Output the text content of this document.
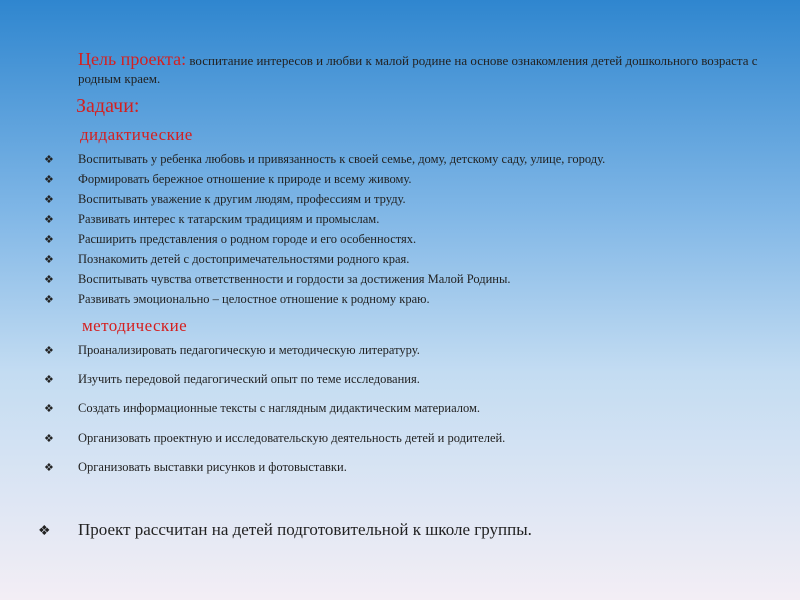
Цель проекта: воспитание интересов и любви к малой родине на основе ознакомления детей дошкольного возраста с родным краем.
Задачи:
дидактические
❖ Воспитывать у ребенка любовь и привязанность к своей семье, дому, детскому саду, улице, городу.
❖ Формировать бережное отношение к природе и всему живому.
❖ Воспитывать уважение к другим людям, профессиям и труду.
❖ Развивать интерес к татарским традициям и промыслам.
❖ Расширить представления о родном городе и его особенностях.
❖ Познакомить детей с достопримечательностями родного края.
❖ Воспитывать чувства ответственности и гордости за достижения Малой Родины.
❖ Развивать эмоционально – целостное отношение к родному краю.
методические
❖ Проанализировать педагогическую и методическую литературу.
❖ Изучить передовой педагогический опыт по теме исследования.
❖ Создать информационные тексты с наглядным дидактическим материалом.
❖ Организовать проектную и исследовательскую деятельность детей и родителей.
❖ Организовать выставки рисунков и фотовыставки.
❖ Проект рассчитан на детей подготовительной к школе группы.
